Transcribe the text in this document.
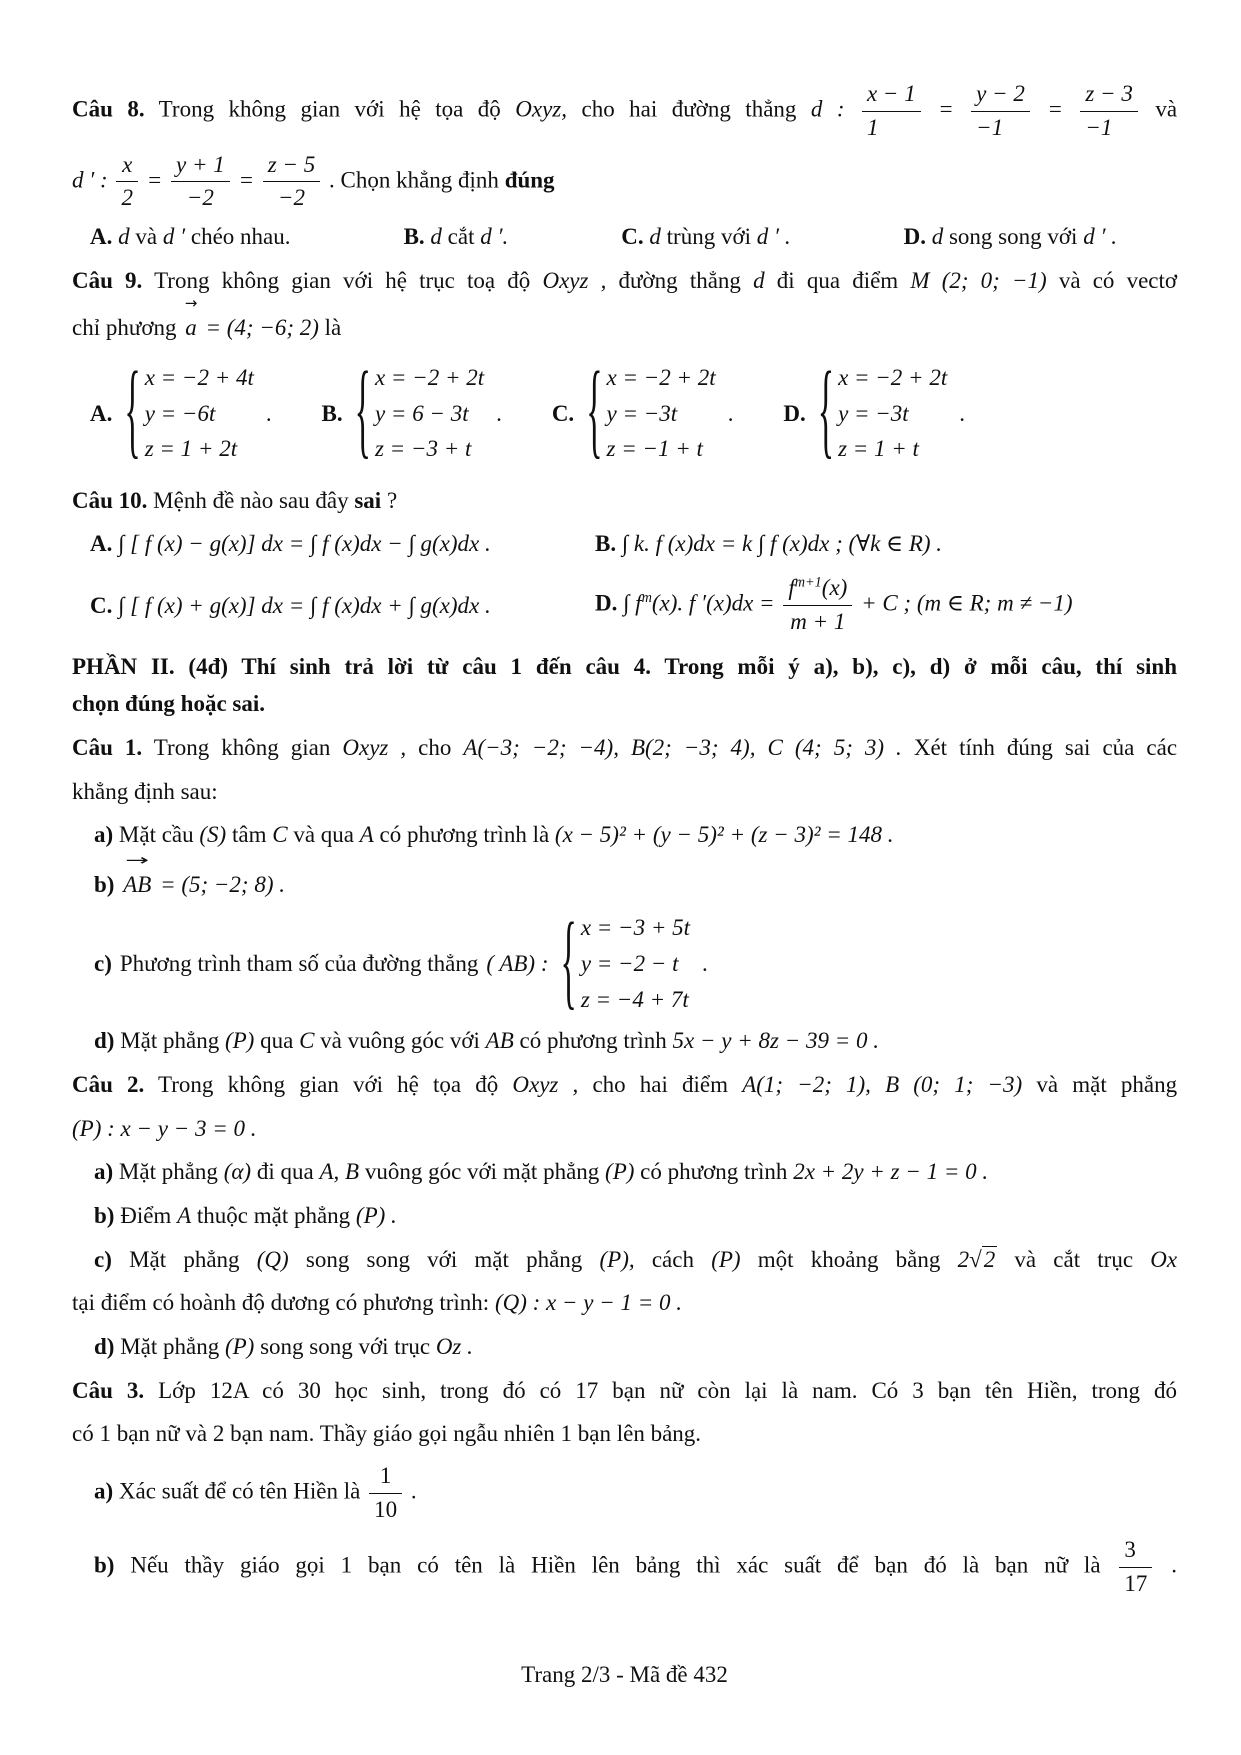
Câu 8. Trong không gian với hệ tọa độ Oxyz, cho hai đường thẳng d : $\frac{x - 1}{1} = \frac{y - 2}{-1} = \frac{z - 3}{-1}$ và
d ′ : $\frac{x}{2} = \frac{y + 1}{-2} = \frac{z - 5}{-2}$ . Chọn khẳng định đúng
A. d và d ′ chéo nhau.	B. d cắt d ′.	C. d trùng với d ′ .	D. d song song với d ′ .
Câu 9. Trong không gian với hệ trục toạ độ Oxyz , đường thẳng d đi qua điểm M (2; 0; −1) và có vectơ
chỉ phương
→
a = (4; −6; 2) là
A. { x = −2 + 4t
y = −6t
z = 1 + 2t
. B. { x = −2 + 2t
y = 6 − 3t
z = −3 + t
. C. { x = −2 + 2t
y = −3t
z = −1 + t
. D. { x = −2 + 2t
y = −3t
z = 1 + t
.
Câu 10. Mệnh đề nào sau đây sai ?
A. ∫ [ f (x) − g(x)] dx = ∫ f (x)dx − ∫ g(x)dx .	B. ∫ k. f (x)dx = k ∫ f (x)dx ; (∀k ∈ R) .
C. ∫ [ f (x) + g(x)] dx = ∫ f (x)dx + ∫ g(x)dx .	D. ∫ $f^m(x)$. f $'(x)dx = \frac{f^{m+1}(x)}{m + 1} + C$ ; (m ∈ R; m ≠ −1)
PHẦN II. (4đ) Thí sinh trả lời từ câu 1 đến câu 4. Trong mỗi ý a), b), c), d) ở mỗi câu, thí sinh
chọn đúng hoặc sai.
Câu 1. Trong không gian Oxyz , cho A(−3; −2; −4), B(2; −3; 4), C (4; 5; 3) . Xét tính đúng sai của các
khẳng định sau:
a) Mặt cầu (S) tâm C và qua A có phương trình là (x − 5)² + (y − 5)² + (z − 3)² = 148 .
b)
→
AB = (5; −2; 8) .
c) Phương trình tham số của đường thẳng ( AB) : { x = −3 + 5t
y = −2 − t
z = −4 + 7t
.
d) Mặt phẳng (P) qua C và vuông góc với AB có phương trình 5x − y + 8z − 39 = 0 .
Câu 2. Trong không gian với hệ tọa độ Oxyz , cho hai điểm A(1; −2; 1), B (0; 1; −3) và mặt phẳng
(P) : x − y − 3 = 0 .
a) Mặt phẳng (α) đi qua A, B vuông góc với mặt phẳng (P) có phương trình 2x + 2y + z − 1 = 0 .
b) Điểm A thuộc mặt phẳng (P) .
c) Mặt phẳng (Q) song song với mặt phẳng (P), cách (P) một khoảng bằng 2√2 và cắt trục Ox
tại điểm có hoành độ dương có phương trình: (Q) : x − y − 1 = 0 .
d) Mặt phẳng (P) song song với trục Oz .
Câu 3. Lớp 12A có 30 học sinh, trong đó có 17 bạn nữ còn lại là nam. Có 3 bạn tên Hiền, trong đó
có 1 bạn nữ và 2 bạn nam. Thầy giáo gọi ngẫu nhiên 1 bạn lên bảng.
a) Xác suất để có tên Hiền là $\frac{1}{10}$ .
b) Nếu thầy giáo gọi 1 bạn có tên là Hiền lên bảng thì xác suất để bạn đó là bạn nữ là $\frac{3}{17}$ .
Trang 2/3 - Mã đề 432
